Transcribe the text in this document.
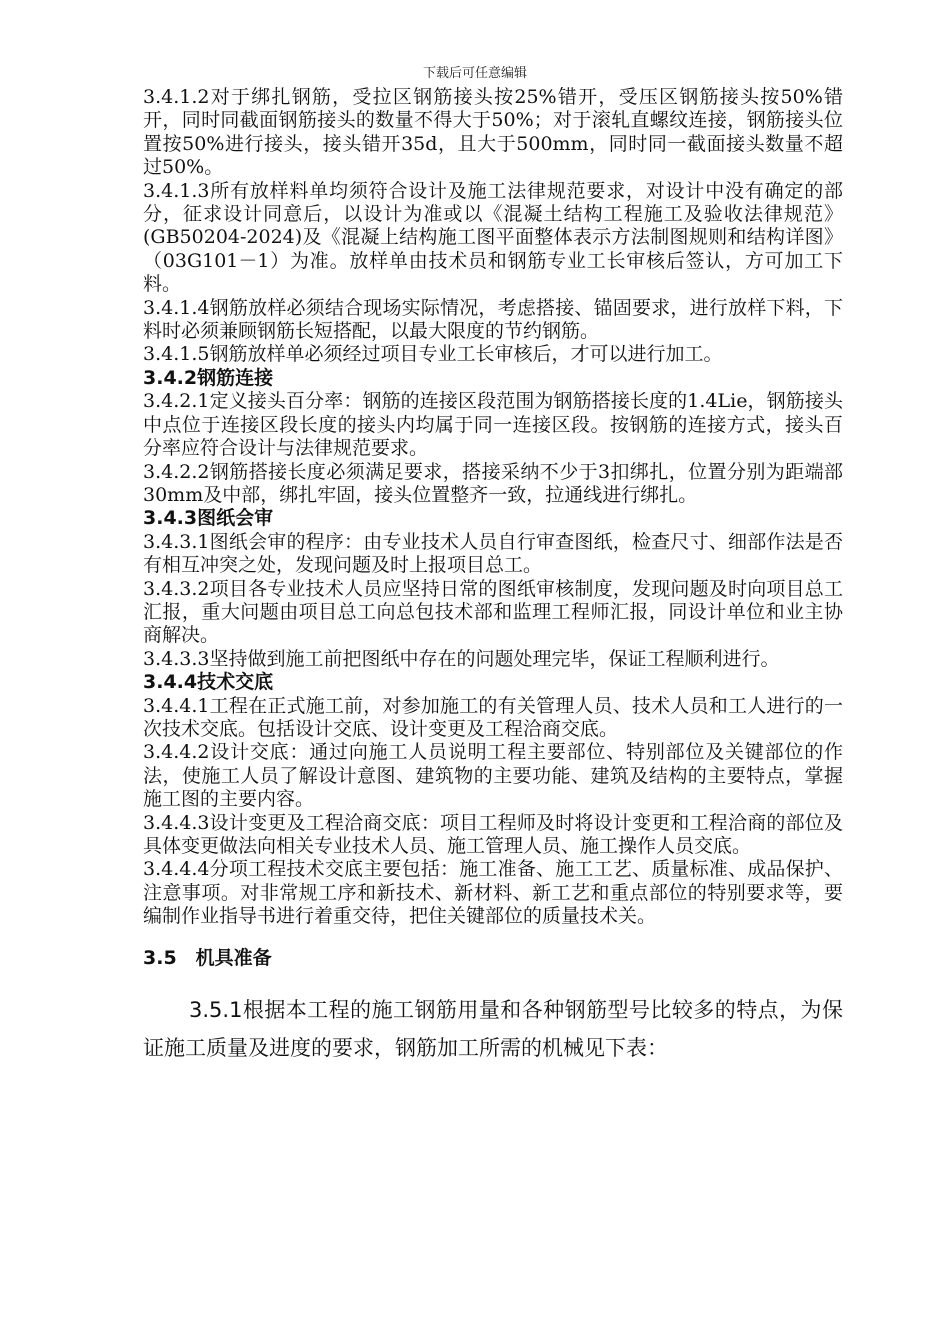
下载后可任意编辑

3.4.1.2对于绑扎钢筋，受拉区钢筋接头按25%错开，受压区钢筋接头按50%错开，同时同截面钢筋接头的数量不得大于50%；对于滚轧直螺纹连接，钢筋接头位置按50%进行接头，接头错开35d，且大于500mm，同时同一截面接头数量不超过50%。

3.4.1.3所有放样料单均须符合设计及施工法律规范要求，对设计中没有确定的部分，征求设计同意后，以设计为准或以《混凝土结构工程施工及验收法律规范》(GB50204-2024)及《混凝上结构施工图平面整体表示方法制图规则和结构详图》（03G101－1）为准。放样单由技术员和钢筋专业工长审核后签认，方可加工下料。

3.4.1.4钢筋放样必须结合现场实际情况，考虑搭接、锚固要求，进行放样下料，下料时必须兼顾钢筋长短搭配，以最大限度的节约钢筋。

3.4.1.5钢筋放样单必须经过项目专业工长审核后，才可以进行加工。

3.4.2钢筋连接

3.4.2.1定义接头百分率：钢筋的连接区段范围为钢筋搭接长度的1.4Lie，钢筋接头中点位于连接区段长度的接头内均属于同一连接区段。按钢筋的连接方式，接头百分率应符合设计与法律规范要求。

3.4.2.2钢筋搭接长度必须满足要求，搭接采纳不少于3扣绑扎，位置分别为距端部30mm及中部，绑扎牢固，接头位置整齐一致，拉通线进行绑扎。

3.4.3图纸会审

3.4.3.1图纸会审的程序：由专业技术人员自行审查图纸，检查尺寸、细部作法是否有相互冲突之处，发现问题及时上报项目总工。

3.4.3.2项目各专业技术人员应坚持日常的图纸审核制度，发现问题及时向项目总工汇报，重大问题由项目总工向总包技术部和监理工程师汇报，同设计单位和业主协商解决。

3.4.3.3坚持做到施工前把图纸中存在的问题处理完毕，保证工程顺利进行。

3.4.4技术交底

3.4.4.1工程在正式施工前，对参加施工的有关管理人员、技术人员和工人进行的一次技术交底。包括设计交底、设计变更及工程洽商交底。

3.4.4.2设计交底：通过向施工人员说明工程主要部位、特别部位及关键部位的作法，使施工人员了解设计意图、建筑物的主要功能、建筑及结构的主要特点，掌握施工图的主要内容。

3.4.4.3设计变更及工程洽商交底：项目工程师及时将设计变更和工程洽商的部位及具体变更做法向相关专业技术人员、施工管理人员、施工操作人员交底。

3.4.4.4分项工程技术交底主要包括：施工准备、施工工艺、质量标准、成品保护、注意事项。对非常规工序和新技术、新材料、新工艺和重点部位的特别要求等，要编制作业指导书进行着重交待，把住关键部位的质量技术关。

3.5　机具准备

3.5.1根据本工程的施工钢筋用量和各种钢筋型号比较多的特点，为保证施工质量及进度的要求，钢筋加工所需的机械见下表：
